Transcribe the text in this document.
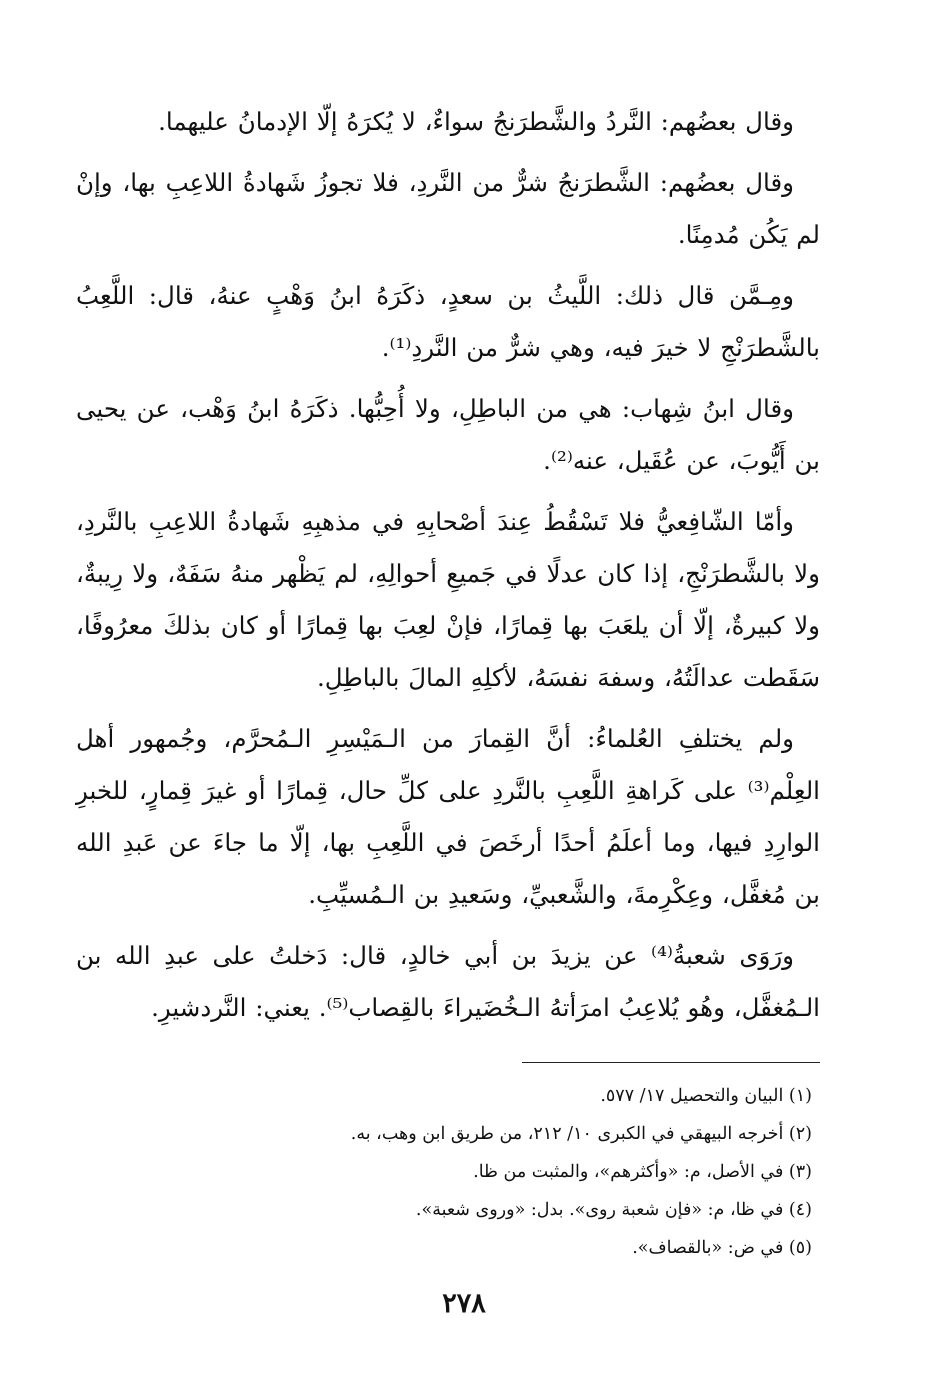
وقال بعضُهم: النَّردُ والشَّطرَنجُ سواءٌ، لا يُكرَهُ إلّا الإدمانُ عليهما.

وقال بعضُهم: الشَّطرَنجُ شرٌّ من النَّردِ، فلا تجوزُ شَهادةُ اللاعِبِ بها، وإنْ لم يَكُن مُدمِنًا.

ومِـمَّن قال ذلك: اللَّيثُ بن سعدٍ، ذكَرَهُ ابنُ وَهْبٍ عنهُ، قال: اللَّعِبُ بالشَّطرَنْجِ لا خيرَ فيه، وهي شرٌّ من النَّردِ⁽¹⁾.

وقال ابنُ شِهاب: هي من الباطِلِ، ولا أُحِبُّها. ذكَرَهُ ابنُ وَهْب، عن يحيى بن أَيُّوبَ، عن عُقَيل، عنه⁽²⁾.

وأمّا الشّافِعيُّ فلا تَسْقُطُ عِندَ أصْحابِهِ في مذهبِهِ شَهادةُ اللاعِبِ بالنَّردِ، ولا بالشَّطرَنْجِ، إذا كان عدلًا في جَميعِ أحوالِهِ، لم يَظْهر منهُ سَفَهٌ، ولا رِيبةٌ، ولا كبيرةٌ، إلّا أن يلعَبَ بها قِمارًا، فإنْ لعِبَ بها قِمارًا أو كان بذلكَ معرُوفًا، سَقَطت عدالَتُهُ، وسفهَ نفسَهُ، لأكلِهِ المالَ بالباطِلِ.

ولم يختلفِ العُلماءُ: أنَّ القِمارَ من الـمَيْسِرِ الـمُحرَّم، وجُمهور أهل العِلْم⁽³⁾ على كَراهةِ اللَّعِبِ بالنَّردِ على كلِّ حال، قِمارًا أو غيرَ قِمارٍ، للخبرِ الوارِدِ فيها، وما أعلَمُ أحدًا أرخَصَ في اللَّعِبِ بها، إلّا ما جاءَ عن عَبدِ الله بن مُغفَّل، وعِكْرِمةَ، والشَّعبيِّ، وسَعيدِ بن الـمُسيِّبِ.

ورَوَى شعبةُ⁽⁴⁾ عن يزيدَ بن أبي خالدٍ، قال: دَخلتُ على عبدِ الله بن الـمُغفَّل، وهُو يُلاعِبُ امرَأتهُ الـخُضَيراءَ بالقِصاب⁽⁵⁾. يعني: النَّردشيرِ.

(١) البيان والتحصيل ١٧/ ٥٧٧.

(٢) أخرجه البيهقي في الكبرى ١٠/ ٢١٢، من طريق ابن وهب، به.

(٣) في الأصل، م: «وأكثرهم»، والمثبت من ظا.

(٤) في ظا، م: «فإن شعبة روى». بدل: «وروى شعبة».

(٥) في ض: «بالقصاف».

٢٧٨
